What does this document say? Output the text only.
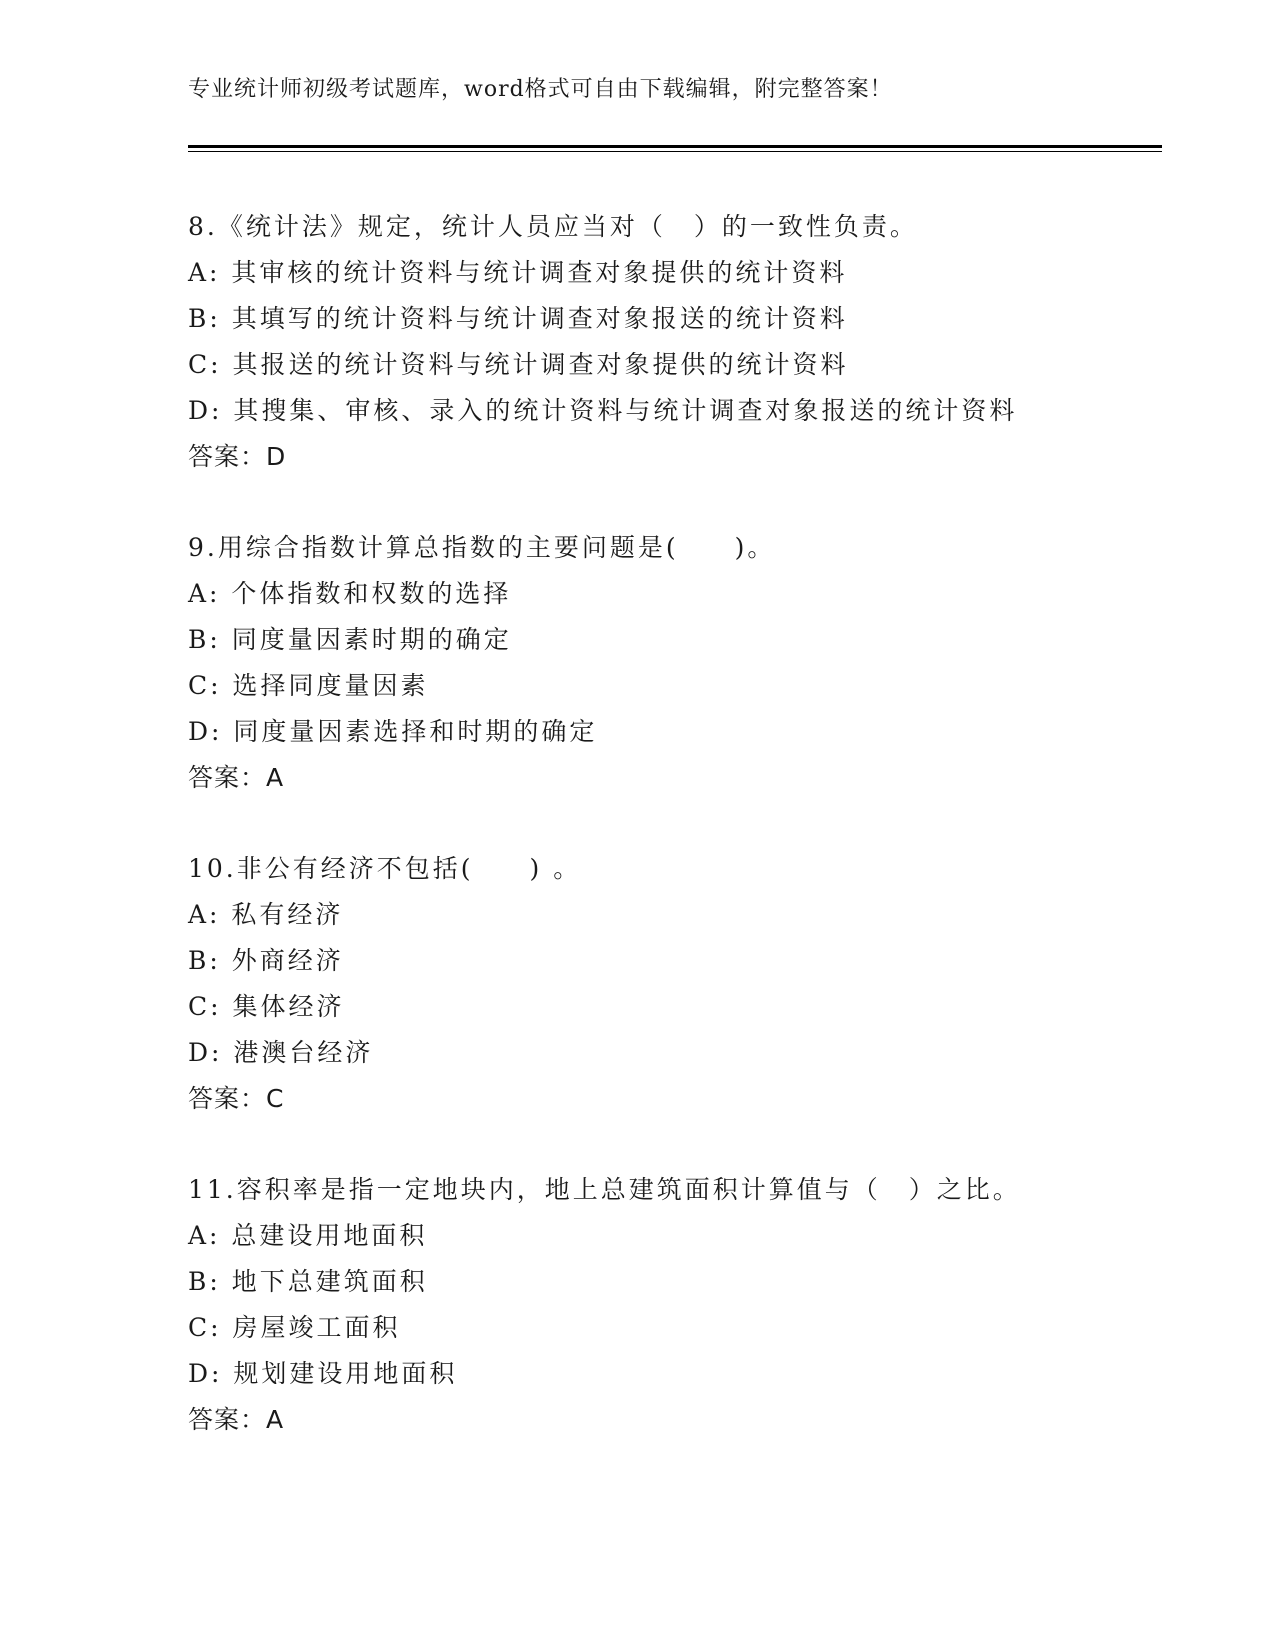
专业统计师初级考试题库，word格式可自由下载编辑，附完整答案！
8.《统计法》规定，统计人员应当对（　）的一致性负责。
A: 其审核的统计资料与统计调查对象提供的统计资料
B: 其填写的统计资料与统计调查对象报送的统计资料
C: 其报送的统计资料与统计调查对象提供的统计资料
D: 其搜集、审核、录入的统计资料与统计调查对象报送的统计资料
答案：D
9.用综合指数计算总指数的主要问题是(　　)。
A: 个体指数和权数的选择
B: 同度量因素时期的确定
C: 选择同度量因素
D: 同度量因素选择和时期的确定
答案：A
10.非公有经济不包括(　　) 。
A: 私有经济
B: 外商经济
C: 集体经济
D: 港澳台经济
答案：C
11.容积率是指一定地块内，地上总建筑面积计算值与（　）之比。
A: 总建设用地面积
B: 地下总建筑面积
C: 房屋竣工面积
D: 规划建设用地面积
答案：A
